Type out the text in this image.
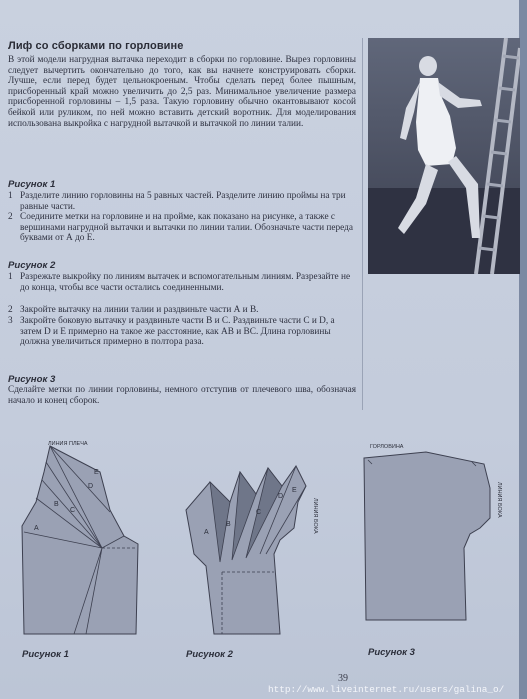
Лиф со сборками по горловине
В этой модели нагрудная вытачка переходит в сборки по горловине. Вырез горловины следует вычертить окончательно до того, как вы начнете конструировать сборки. Лучше, если перед будет цельнокроеным. Чтобы сделать перед более пышным, присборенный край можно увеличить до 2,5 раз. Минимальное увеличение размера присборенной горловины – 1,5 раза. Такую горловину обычно окантовывают косой бейкой или руликом, по ней можно вставить детский воротник. Для моделирования использована выкройка с нагрудной вытачкой и вытачкой по линии талии.
Рисунок 1
1 Разделите линию горловины на 5 равных частей. Разделите линию проймы на три равные части.
2 Соедините метки на горловине и на пройме, как показано на рисунке, а также с вершинами нагрудной вытачки и вытачки по линии талии. Обозначьте части переда буквами от А до Е.
Рисунок 2
1 Разрежьте выкройку по линиям вытачек и вспомогательным линиям. Разрезайте не до конца, чтобы все части остались соединенными.
2 Закройте вытачку на линии талии и раздвиньте части А и В.
3 Закройте боковую вытачку и раздвиньте части В и С. Раздвиньте части С и D, а затем D и E примерно на такое же расстояние, как АВ и ВС. Длина горловины должна увеличиться примерно в полтора раза.
Рисунок 3
Сделайте метки по линии горловины, немного отступив от плечевого шва, обозначая начало и конец сборок.
ЛИНИЯ ПЛЕЧА
A
B
C
D
E
A
B
C
D
E
ЛИНИЯ БОКА
ГОРЛОВИНА
ЛИНИЯ БОКА
Рисунок 1	Рисунок 2	Рисунок 3
39
http://www.liveinternet.ru/users/galina_o/
